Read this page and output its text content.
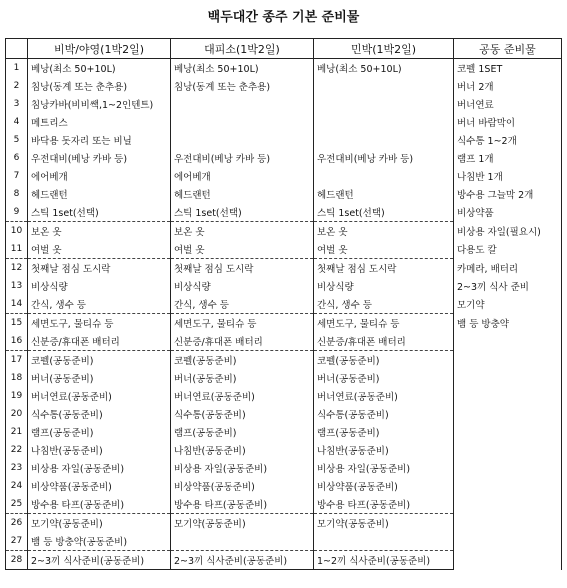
백두대간 종주 기본 준비물
	비박/야영(1박2일)	대피소(1박2일)	민박(1박2일)	공동 준비물
1	베낭(최소 50+10L)	베낭(최소 50+10L)	베낭(최소 50+10L)	코펠 1SET
2	침낭(동계 또는 춘추용)	침낭(동계 또는 춘추용)		버너 2개
3	침낭카바(비비쌕,1~2인텐트)			버너연료
4	메트리스			버너 바람막이
5	바닥용 돗자리 또는 비닐			식수통 1~2개
6	우전대비(베낭 카바 등)	우전대비(베낭 카바 등)	우전대비(베낭 카바 등)	램프 1개
7	에어베개	에어베개		나침반 1개
8	헤드랜턴	헤드랜턴	헤드랜턴	방수용 그늘막 2개
9	스틱 1set(선택)	스틱 1set(선택)	스틱 1set(선택)	비상약품
10	보온 옷	보온 옷	보온 옷	비상용 자일(필요시)
11	여벌 옷	여벌 옷	여벌 옷	다용도 칼
12	첫째날 점심 도시락	첫째날 점심 도시락	첫째날 점심 도시락	카메라, 배터리
13	비상식량	비상식량	비상식량	2~3끼 식사 준비
14	간식, 생수 등	간식, 생수 등	간식, 생수 등	모기약
15	세면도구, 물티슈 등	세면도구, 물티슈 등	세면도구, 물티슈 등	뱀 등 방충약
16	신분증/휴대폰 배터리	신분증/휴대폰 배터리	신분증/휴대폰 배터리	
17	코펠(공동준비)	코펠(공동준비)	코펠(공동준비)	
18	버너(공동준비)	버너(공동준비)	버너(공동준비)	
19	버너연료(공동준비)	버너연료(공동준비)	버너연료(공동준비)	
20	식수통(공동준비)	식수통(공동준비)	식수통(공동준비)	
21	램프(공동준비)	램프(공동준비)	램프(공동준비)	
22	나침반(공동준비)	나침반(공동준비)	나침반(공동준비)	
23	비상용 자일(공동준비)	비상용 자일(공동준비)	비상용 자일(공동준비)	
24	비상약품(공동준비)	비상약품(공동준비)	비상약품(공동준비)	
25	방수용 타프(공동준비)	방수용 타프(공동준비)	방수용 타프(공동준비)	
26	모기약(공동준비)	모기약(공동준비)	모기약(공동준비)	
27	뱀 등 방충약(공동준비)			
28	2~3끼 식사준비(공동준비)	2~3끼 식사준비(공동준비)	1~2끼 식사준비(공동준비)	
